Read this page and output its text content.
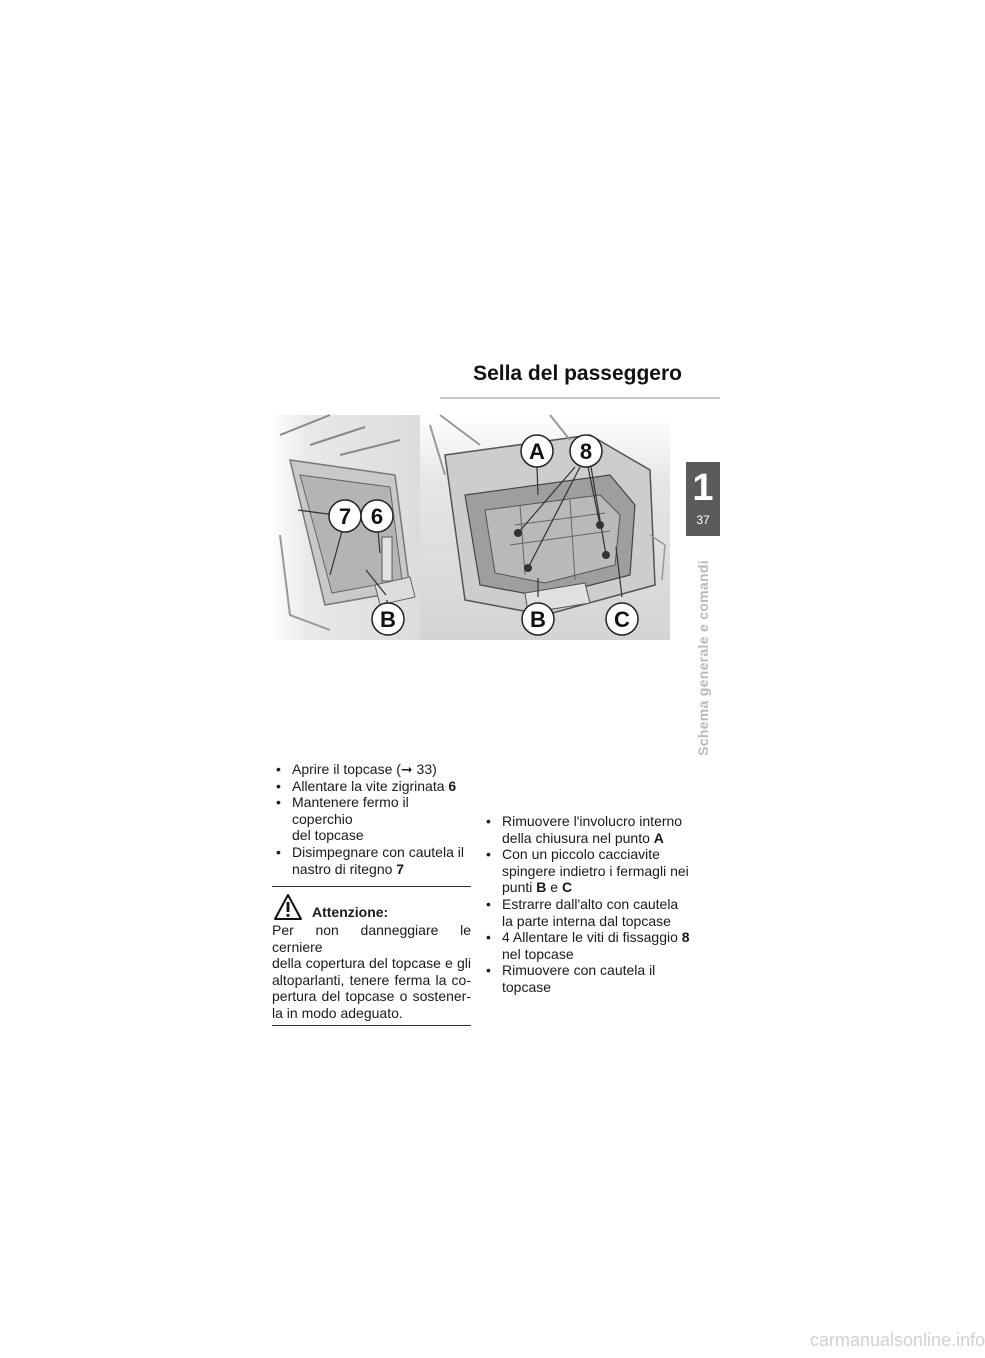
Sella del passeggero
1
37
Schema generale e comandi
7 6
B
A 8
B	C
• Aprire il topcase (➞ 33)
• Allentare la vite zigrinata 6
• Mantenere fermo il coperchio
del topcase
• Disimpegnare con cautela il
nastro di ritegno 7
Attenzione:
Per non danneggiare le cerniere
della copertura del topcase e gli
altoparlanti, tenere ferma la co-
pertura del topcase o sostener-
la in modo adeguato.
• Rimuovere l'involucro interno
della chiusura nel punto A
• Con un piccolo cacciavite
spingere indietro i fermagli nei
punti B e C
• Estrarre dall'alto con cautela
la parte interna dal topcase
• 4 Allentare le viti di fissaggio 8
nel topcase
• Rimuovere con cautela il
topcase
carmanualsonline.info
